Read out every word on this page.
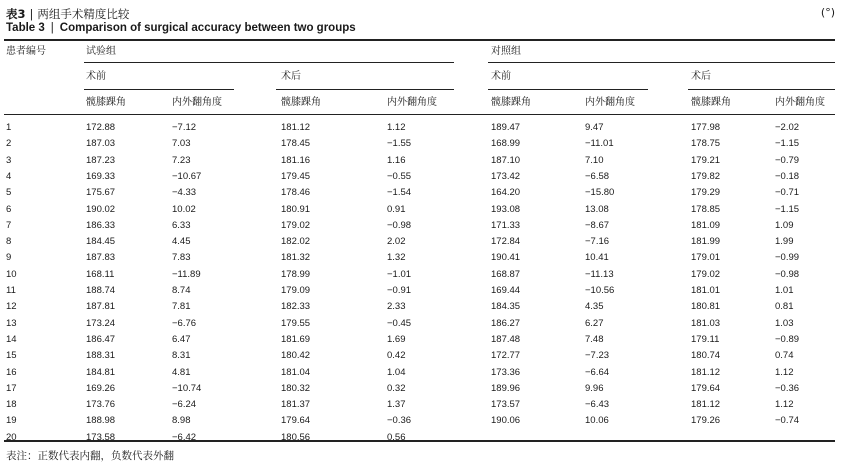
表3 | 两组手术精度比较
Table 3 | Comparison of surgical accuracy between two groups
(°)
患者编号	试验组	对照组
术前	术后	术前	术后
髋膝踝角	内外翻角度	髋膝踝角	内外翻角度	髋膝踝角	内外翻角度	髋膝踝角	内外翻角度
1	172.88	−7.12	181.12	1.12	189.47	9.47	177.98	−2.02
2	187.03	7.03	178.45	−1.55	168.99	−11.01	178.75	−1.15
3	187.23	7.23	181.16	1.16	187.10	7.10	179.21	−0.79
4	169.33	−10.67	179.45	−0.55	173.42	−6.58	179.82	−0.18
5	175.67	−4.33	178.46	−1.54	164.20	−15.80	179.29	−0.71
6	190.02	10.02	180.91	0.91	193.08	13.08	178.85	−1.15
7	186.33	6.33	179.02	−0.98	171.33	−8.67	181.09	1.09
8	184.45	4.45	182.02	2.02	172.84	−7.16	181.99	1.99
9	187.83	7.83	181.32	1.32	190.41	10.41	179.01	−0.99
10	168.11	−11.89	178.99	−1.01	168.87	−11.13	179.02	−0.98
11	188.74	8.74	179.09	−0.91	169.44	−10.56	181.01	1.01
12	187.81	7.81	182.33	2.33	184.35	4.35	180.81	0.81
13	173.24	−6.76	179.55	−0.45	186.27	6.27	181.03	1.03
14	186.47	6.47	181.69	1.69	187.48	7.48	179.11	−0.89
15	188.31	8.31	180.42	0.42	172.77	−7.23	180.74	0.74
16	184.81	4.81	181.04	1.04	173.36	−6.64	181.12	1.12
17	169.26	−10.74	180.32	0.32	189.96	9.96	179.64	−0.36
18	173.76	−6.24	181.37	1.37	173.57	−6.43	181.12	1.12
19	188.98	8.98	179.64	−0.36	190.06	10.06	179.26	−0.74
20	173.58	−6.42	180.56	0.56
表注：正数代表内翻，负数代表外翻
